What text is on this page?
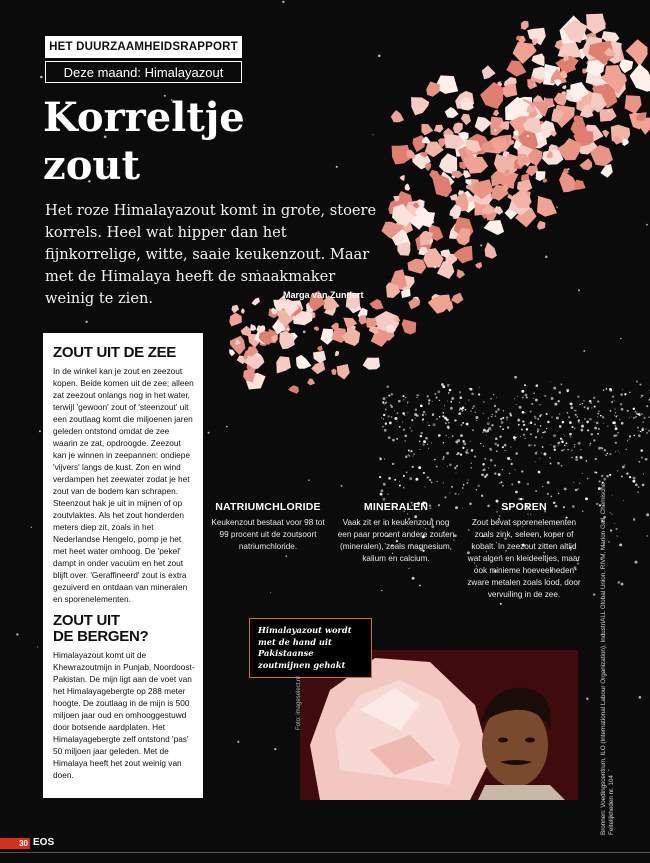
HET DUURZAAMHEIDSRAPPORT
Deze maand: Himalayazout
Korreltje
zout
Het roze Himalayazout komt in grote, stoere korrels. Heel wat hipper dan het fijnkorrelige, witte, saaie keukenzout. Maar met de Himalaya heeft de smaakmaker weinig te zien.	Marga van Zundert
ZOUT UIT DE ZEE

In de winkel kan je zout en zeezout kopen. Beide komen uit de zee; alleen zat zeezout onlangs nog in het water, terwijl 'gewoon' zout of 'steenzout' uit een zoutlaag komt die miljoenen jaren geleden ontstond omdat de zee waarin ze zat, opdroogde. Zeezout kan je winnen in zeepannen: ondiepe 'vijvers' langs de kust. Zon en wind verdampen het zeewater zodat je het zout van de bodem kan schrapen. Steenzout hak je uit in mijnen of op zoutvlaktes. Als het zout honderden meters diep zit, zoals in het Nederlandse Hengelo, pomp je het met heet water omhoog. De 'pekel' dampt in onder vacuüm en het zout blijft over. 'Geraffineerd' zout is extra gezuiverd en ontdaan van mineralen en sporenelementen.

ZOUT UIT
DE BERGEN?

Himalayazout komt uit de Khewrazoutmijn in Punjab, Noordoost-Pakistan. De mijn ligt aan de voet van het Himalayagebergte op 288 meter hoogte. De zoutlaag in de mijn is 500 miljoen jaar oud en omhooggestuwd door botsende aardplaten. Het Himalayagebergte zelf ontstond 'pas' 50 miljoen jaar geleden. Met de Himalaya heeft het zout weinig van doen.

NATRIUMCHLORIDE

Keukenzout bestaat voor 98 tot 99 procent uit de zoutsoort natriumchloride.

MINERALEN

Vaak zit er in keukenzout nog een paar procent andere zouten (mineralen), zoals magnesium, kalium en calcium.

SPOREN

Zout bevat sporenelementen zoals zink, seleen, koper of kobalt. In zeezout zitten altijd wat algen en kleideeltjes, maar ook minieme hoeveelheden zware metalen zoals lood, door vervuiling in de zee.

Himalayazout wordt met de hand uit Pakistaanse zoutmijnen gehakt
Foto: imageselect.nl	Bronnen: Voedingscentrum, ILO (International Labour Organization), IndustriALL Global Union, RIVM, Marion Gall, Chemische Feitelijkheden nr. 104
30 EOS
